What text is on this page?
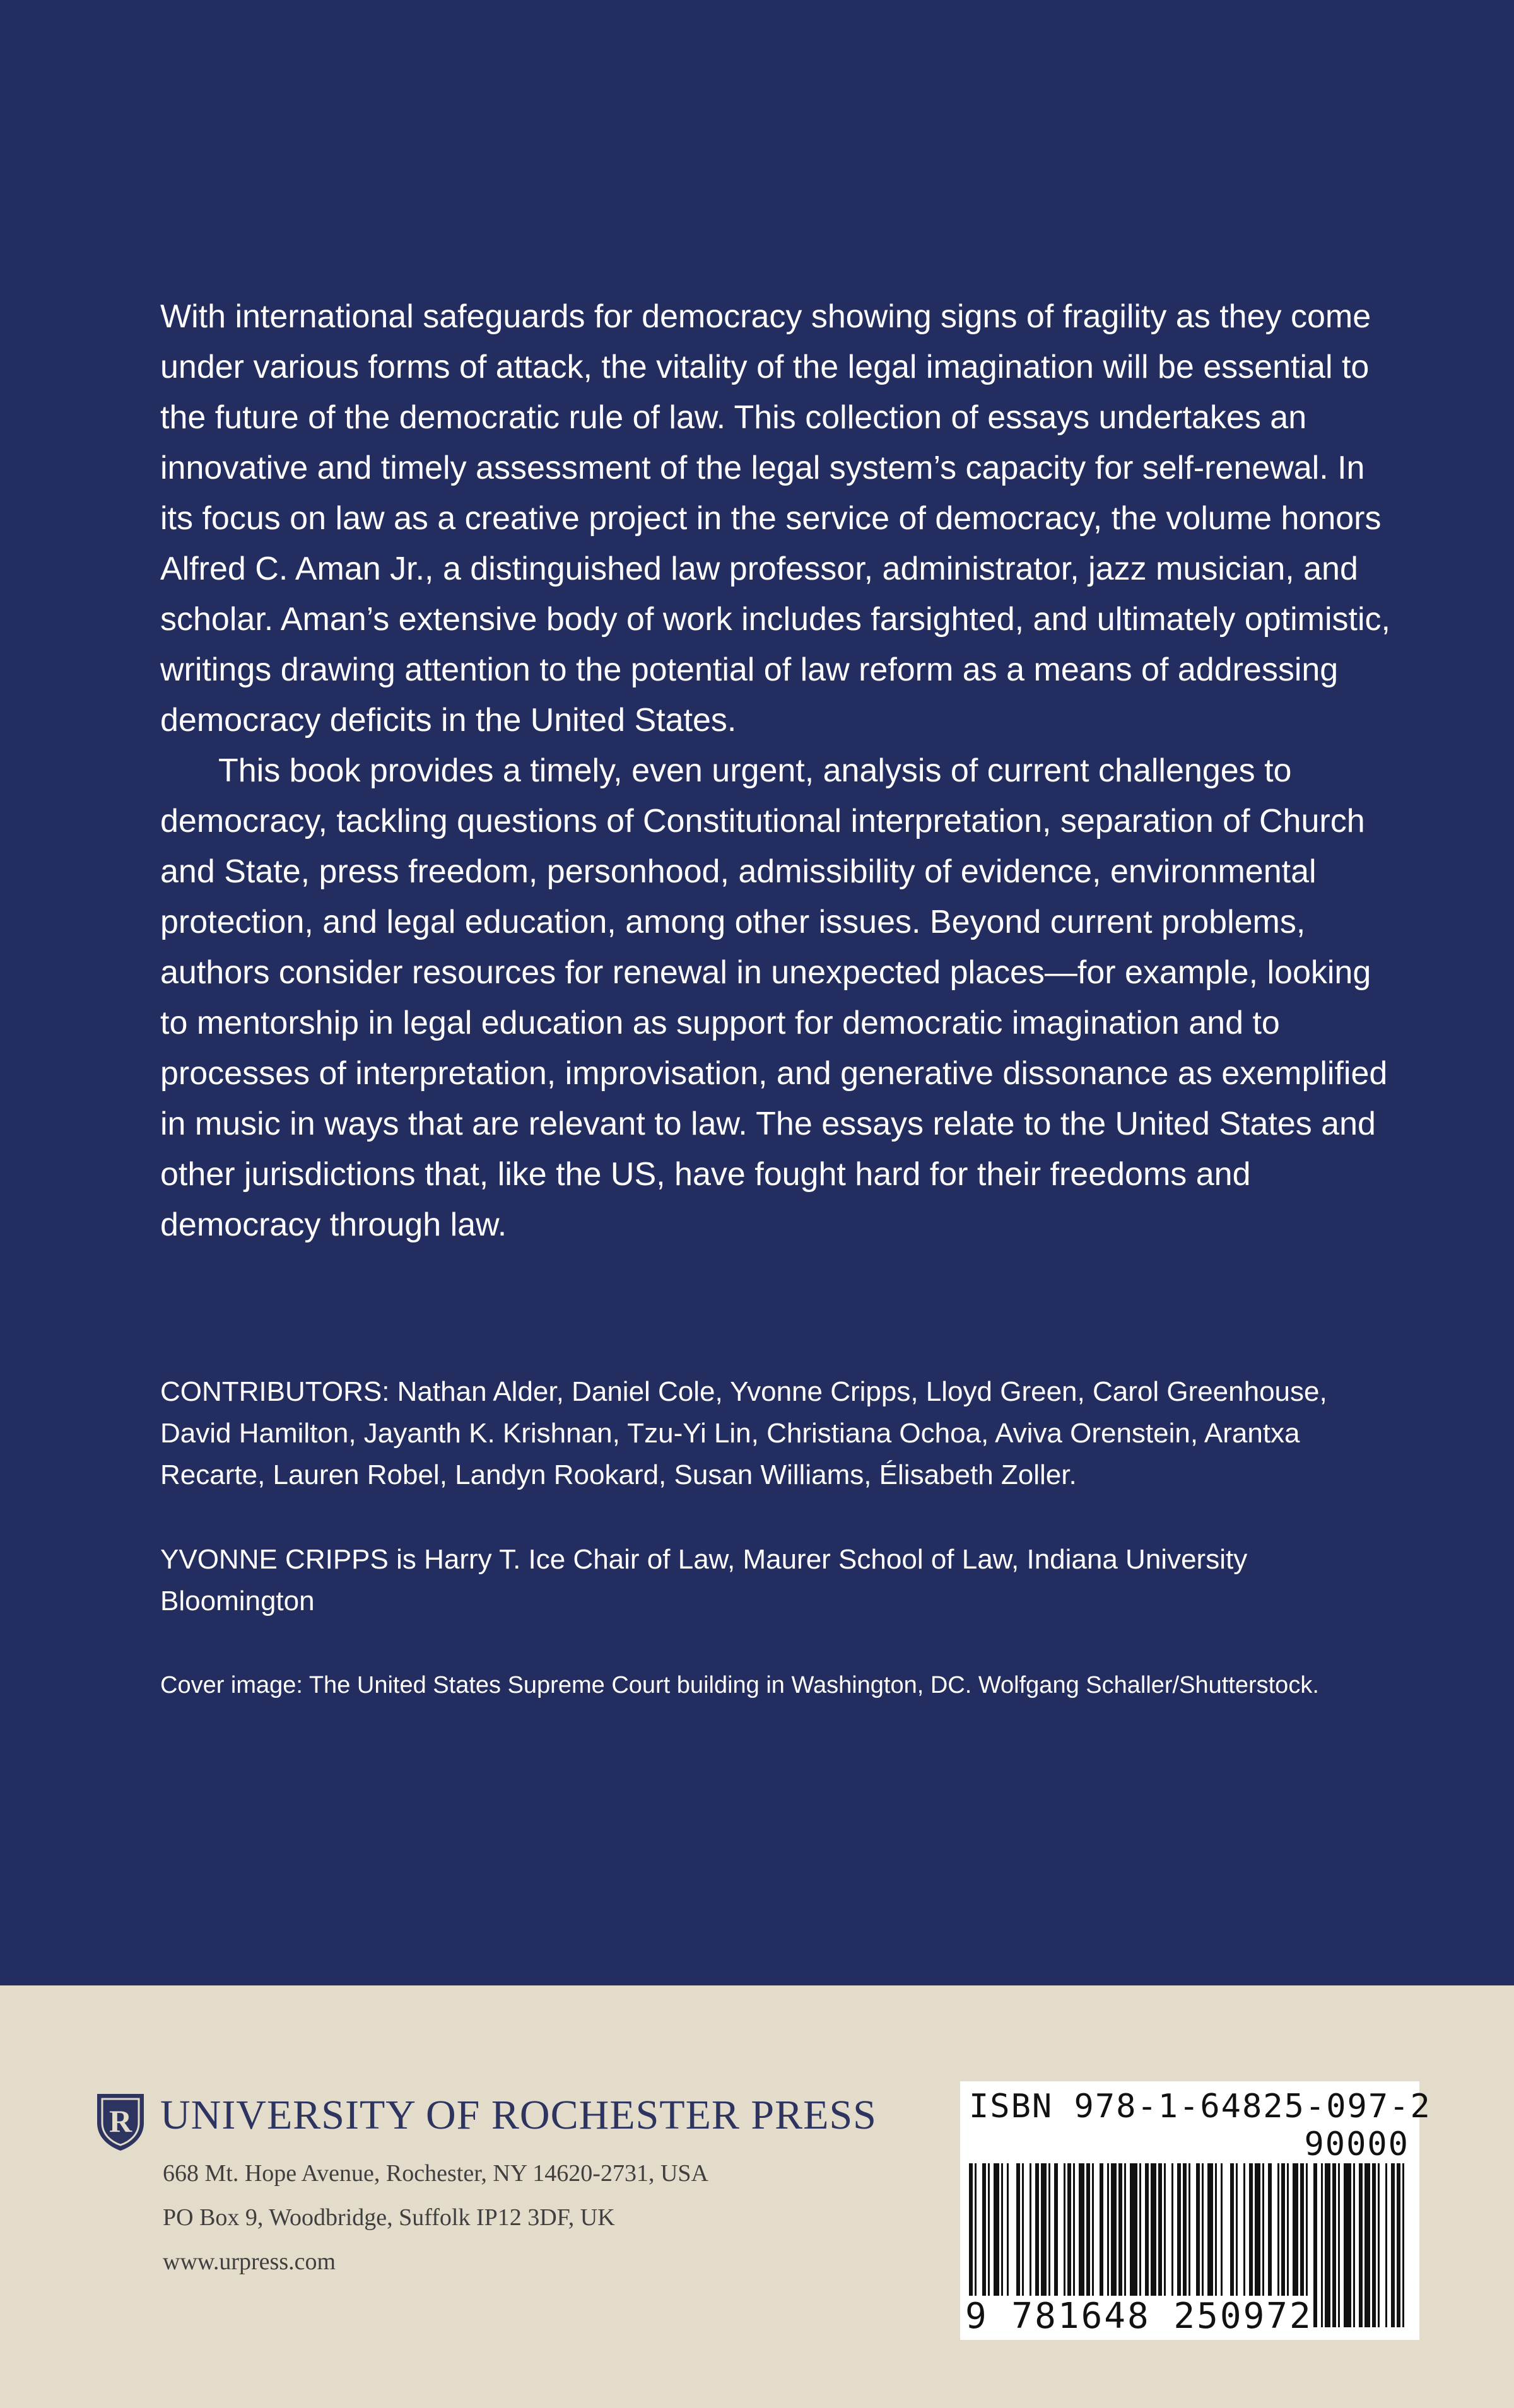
With international safeguards for democracy showing signs of fragility as they come under various forms of attack, the vitality of the legal imagination will be essential to the future of the democratic rule of law. This collection of essays undertakes an innovative and timely assessment of the legal system’s capacity for self-renewal. In its focus on law as a creative project in the service of democracy, the volume honors Alfred C. Aman Jr., a distinguished law professor, administrator, jazz musician, and scholar. Aman’s extensive body of work includes farsighted, and ultimately optimistic, writings drawing attention to the potential of law reform as a means of addressing democracy deficits in the United States.

This book provides a timely, even urgent, analysis of current challenges to democracy, tackling questions of Constitutional interpretation, separation of Church and State, press freedom, personhood, admissibility of evidence, environmental protection, and legal education, among other issues. Beyond current problems, authors consider resources for renewal in unexpected places—for example, looking to mentorship in legal education as support for democratic imagination and to processes of interpretation, improvisation, and generative dissonance as exemplified in music in ways that are relevant to law. The essays relate to the United States and other jurisdictions that, like the US, have fought hard for their freedoms and democracy through law.

CONTRIBUTORS: Nathan Alder, Daniel Cole, Yvonne Cripps, Lloyd Green, Carol Greenhouse, David Hamilton, Jayanth K. Krishnan, Tzu-Yi Lin, Christiana Ochoa, Aviva Orenstein, Arantxa Recarte, Lauren Robel, Landyn Rookard, Susan Williams, Élisabeth Zoller.
YVONNE CRIPPS is Harry T. Ice Chair of Law, Maurer School of Law, Indiana University Bloomington
Cover image: The United States Supreme Court building in Washington, DC. Wolfgang Schaller/Shutterstock.
R UNIVERSITY OF ROCHESTER PRESS
668 Mt. Hope Avenue, Rochester, NY 14620-2731, USA
PO Box 9, Woodbridge, Suffolk IP12 3DF, UK
www.urpress.com
ISBN 978-1-64825-097-2
90000
9 781648 250972
